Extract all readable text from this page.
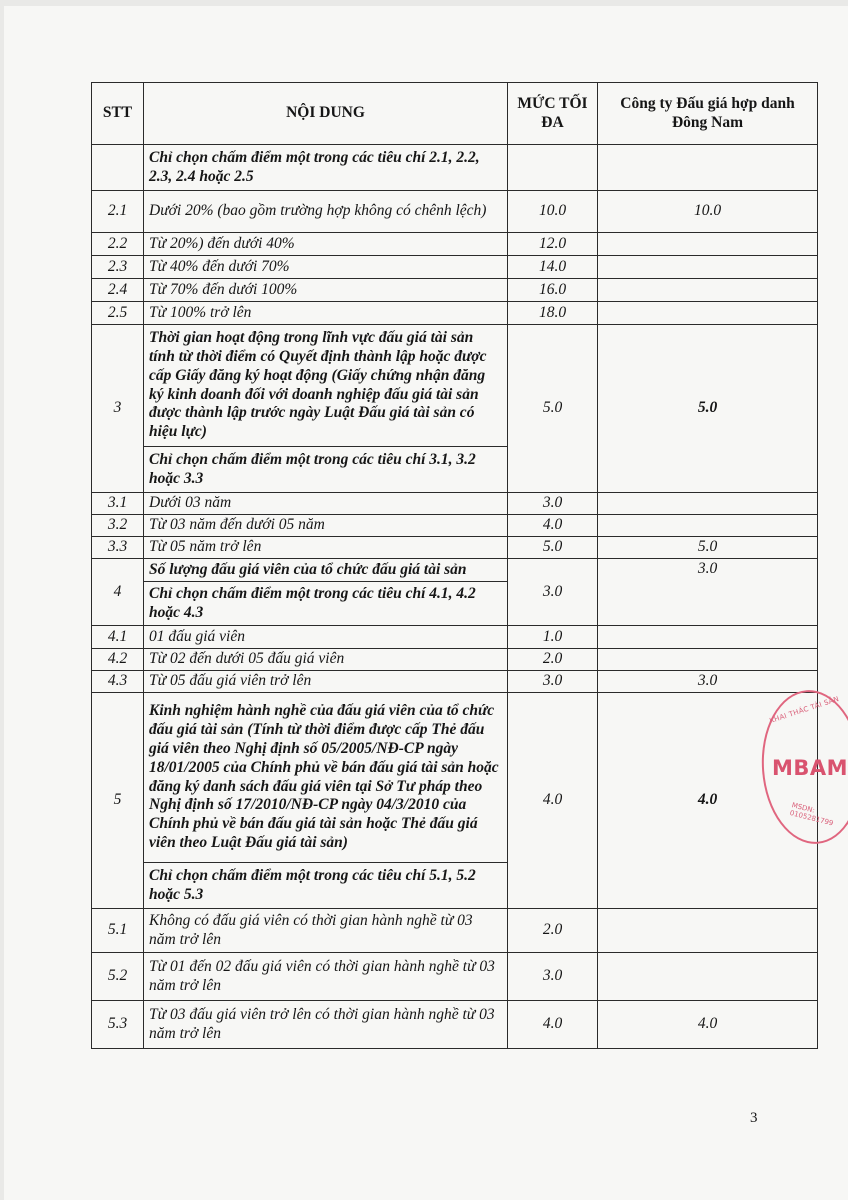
STT	NỘI DUNG	MỨC TỐI ĐA	Công ty Đấu giá hợp danh Đông Nam
	Chỉ chọn chấm điểm một trong các tiêu chí 2.1, 2.2, 2.3, 2.4 hoặc 2.5		
2.1	Dưới 20% (bao gồm trường hợp không có chênh lệch)	10.0	10.0
2.2	Từ 20%) đến dưới 40%	12.0	
2.3	Từ 40% đến dưới 70%	14.0	
2.4	Từ 70% đến dưới 100%	16.0	
2.5	Từ 100% trở lên	18.0	
3	Thời gian hoạt động trong lĩnh vực đấu giá tài sản tính từ thời điểm có Quyết định thành lập hoặc được cấp Giấy đăng ký hoạt động (Giấy chứng nhận đăng ký kinh doanh đối với doanh nghiệp đấu giá tài sản được thành lập trước ngày Luật Đấu giá tài sản có hiệu lực)	5.0	5.0
	Chỉ chọn chấm điểm một trong các tiêu chí 3.1, 3.2 hoặc 3.3		
3.1	Dưới 03 năm	3.0	
3.2	Từ 03 năm đến dưới 05 năm	4.0	
3.3	Từ 05 năm trở lên	5.0	5.0
4	Số lượng đấu giá viên của tổ chức đấu giá tài sản	3.0	3.0
	Chỉ chọn chấm điểm một trong các tiêu chí 4.1, 4.2 hoặc 4.3		
4.1	01 đấu giá viên	1.0	
4.2	Từ 02 đến dưới 05 đấu giá viên	2.0	
4.3	Từ 05 đấu giá viên trở lên	3.0	3.0
5	Kinh nghiệm hành nghề của đấu giá viên của tổ chức đấu giá tài sản (Tính từ thời điểm được cấp Thẻ đấu giá viên theo Nghị định số 05/2005/NĐ-CP ngày 18/01/2005 của Chính phủ về bán đấu giá tài sản hoặc đăng ký danh sách đấu giá viên tại Sở Tư pháp theo Nghị định số 17/2010/NĐ-CP ngày 04/3/2010 của Chính phủ về bán đấu giá tài sản hoặc Thẻ đấu giá viên theo Luật Đấu giá tài sản)	4.0	4.0
	Chỉ chọn chấm điểm một trong các tiêu chí 5.1, 5.2 hoặc 5.3		
5.1	Không có đấu giá viên có thời gian hành nghề từ 03 năm trở lên	2.0	
5.2	Từ 01 đến 02 đấu giá viên có thời gian hành nghề từ 03 năm trở lên	3.0	
5.3	Từ 03 đấu giá viên trở lên có thời gian hành nghề từ 03 năm trở lên	4.0	4.0
KHAI THÁC TÀI SẢN
MBAM
MSDN: 0105281799
3
